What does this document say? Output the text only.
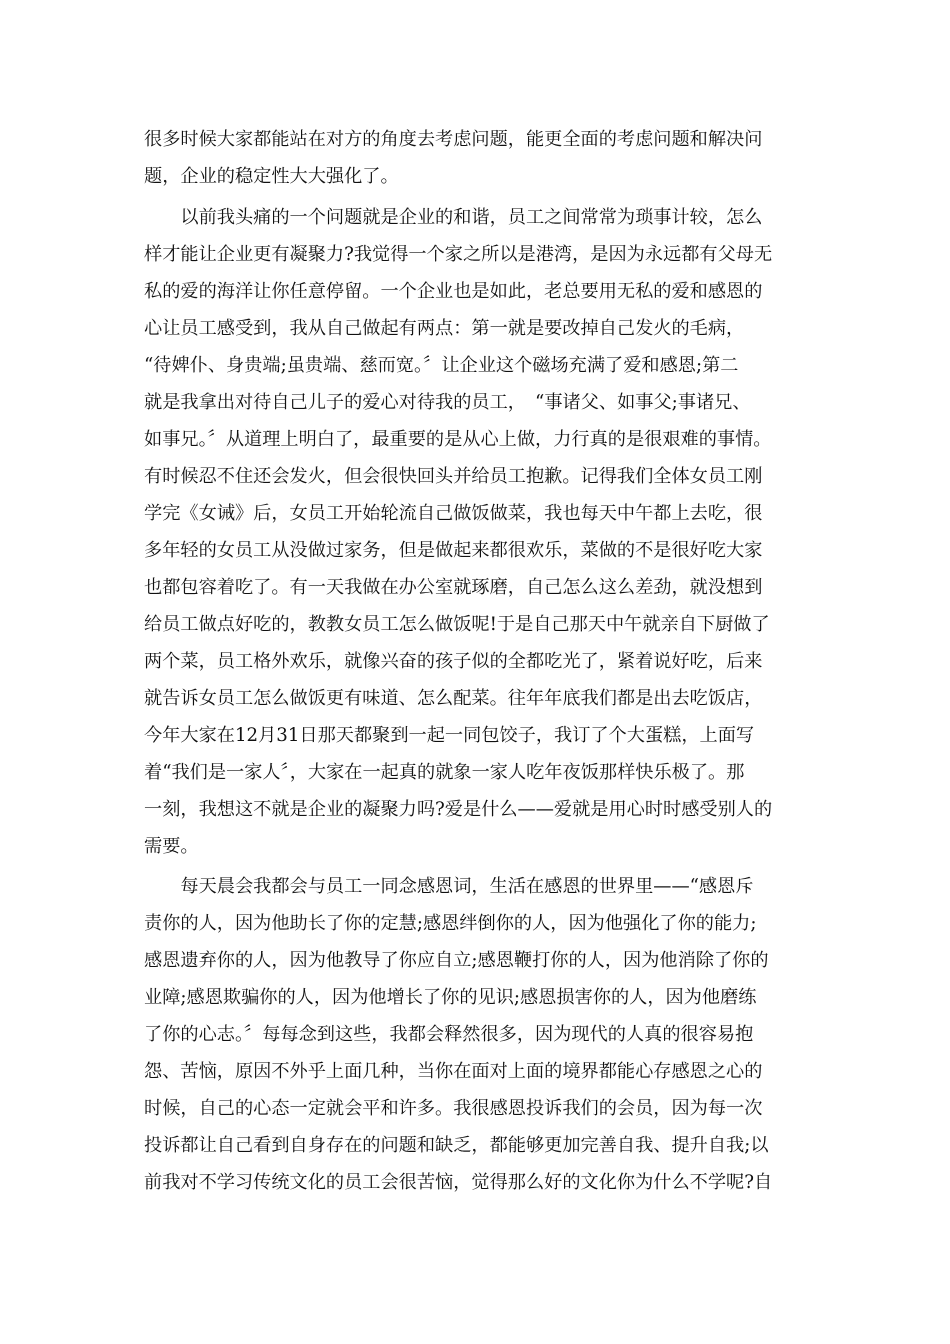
很多时候大家都能站在对方的角度去考虑问题，能更全面的考虑问题和解决问
题，企业的稳定性大大强化了。
　　以前我头痛的一个问题就是企业的和谐，员工之间常常为琐事计较，怎么
样才能让企业更有凝聚力?我觉得一个家之所以是港湾，是因为永远都有父母无
私的爱的海洋让你任意停留。一个企业也是如此，老总要用无私的爱和感恩的
心让员工感受到，我从自己做起有两点：第一就是要改掉自己发火的毛病，
“待婢仆、身贵端;虽贵端、慈而宽。〞让企业这个磁场充满了爱和感恩;第二
就是我拿出对待自己儿子的爱心对待我的员工，　“事诸父、如事父;事诸兄、
如事兄。〞从道理上明白了，最重要的是从心上做，力行真的是很艰难的事情。
有时候忍不住还会发火，但会很快回头并给员工抱歉。记得我们全体女员工刚
学完《女诫》后，女员工开始轮流自己做饭做菜，我也每天中午都上去吃，很
多年轻的女员工从没做过家务，但是做起来都很欢乐，菜做的不是很好吃大家
也都包容着吃了。有一天我做在办公室就琢磨，自己怎么这么差劲，就没想到
给员工做点好吃的，教教女员工怎么做饭呢!于是自己那天中午就亲自下厨做了
两个菜，员工格外欢乐，就像兴奋的孩子似的全都吃光了，紧着说好吃，后来
就告诉女员工怎么做饭更有味道、怎么配菜。往年年底我们都是出去吃饭店，
今年大家在12月31日那天都聚到一起一同包饺子，我订了个大蛋糕，上面写
着“我们是一家人〞，大家在一起真的就象一家人吃年夜饭那样快乐极了。那
一刻，我想这不就是企业的凝聚力吗?爱是什么——爱就是用心时时感受别人的
需要。
　　每天晨会我都会与员工一同念感恩词，生活在感恩的世界里——“感恩斥
责你的人，因为他助长了你的定慧;感恩绊倒你的人，因为他强化了你的能力;
感恩遗弃你的人，因为他教导了你应自立;感恩鞭打你的人，因为他消除了你的
业障;感恩欺骗你的人，因为他增长了你的见识;感恩损害你的人，因为他磨练
了你的心志。〞每每念到这些，我都会释然很多，因为现代的人真的很容易抱
怨、苦恼，原因不外乎上面几种，当你在面对上面的境界都能心存感恩之心的
时候，自己的心态一定就会平和许多。我很感恩投诉我们的会员，因为每一次
投诉都让自己看到自身存在的问题和缺乏，都能够更加完善自我、提升自我;以
前我对不学习传统文化的员工会很苦恼，觉得那么好的文化你为什么不学呢?自
